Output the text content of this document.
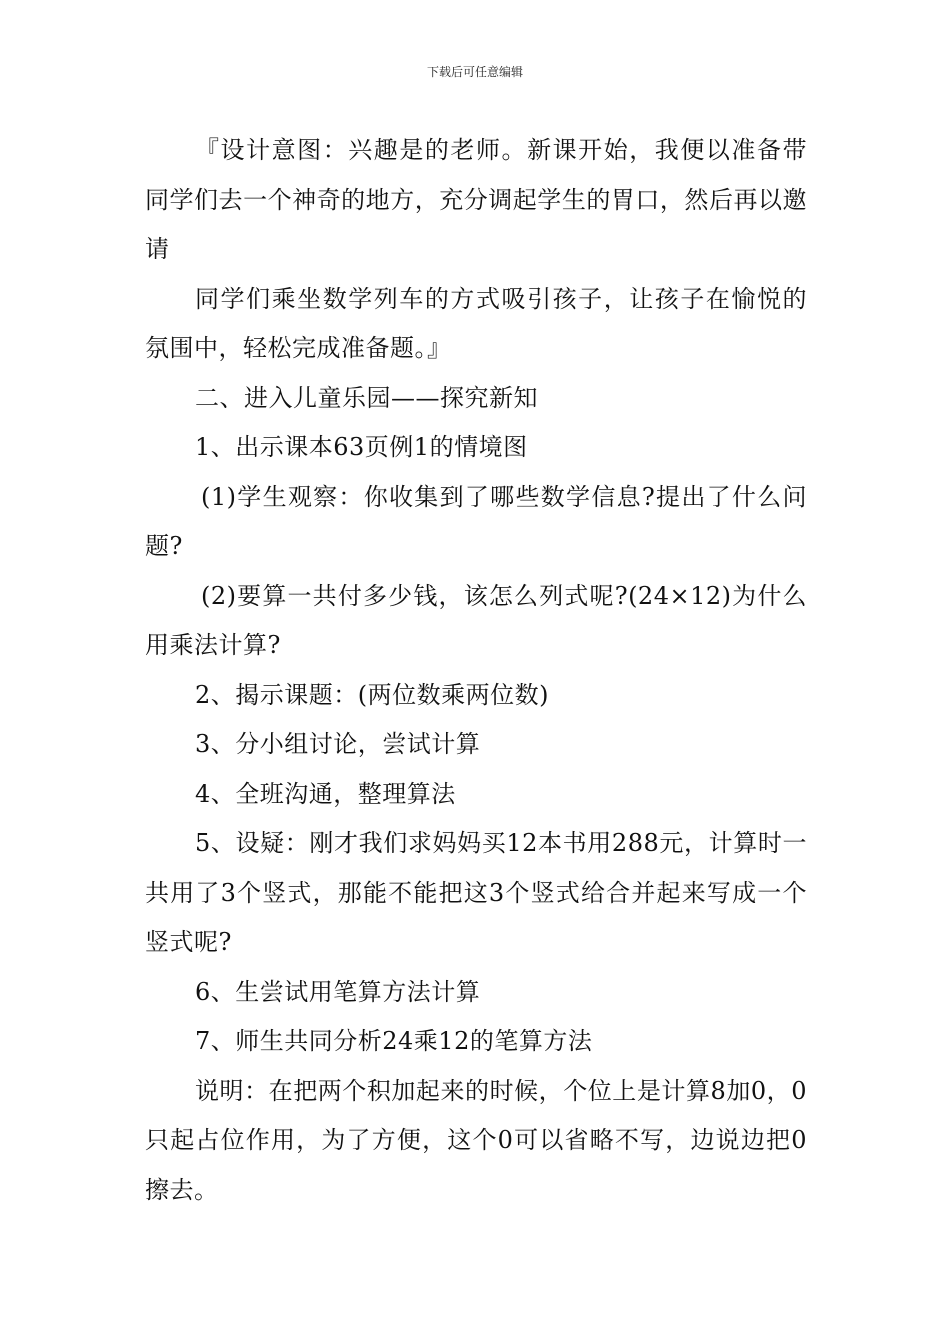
下载后可任意编辑

『设计意图：兴趣是的老师。新课开始，我便以准备带同学们去一个神奇的地方，充分调起学生的胃口，然后再以邀请

同学们乘坐数学列车的方式吸引孩子，让孩子在愉悦的氛围中，轻松完成准备题。』

二、进入儿童乐园——探究新知

1、出示课本63页例1的情境图

(1)学生观察：你收集到了哪些数学信息?提出了什么问题?

(2)要算一共付多少钱，该怎么列式呢?(24×12)为什么用乘法计算?

2、揭示课题：(两位数乘两位数)

3、分小组讨论，尝试计算

4、全班沟通，整理算法

5、设疑：刚才我们求妈妈买12本书用288元，计算时一共用了3个竖式，那能不能把这3个竖式给合并起来写成一个竖式呢?

6、生尝试用笔算方法计算

7、师生共同分析24乘12的笔算方法

说明：在把两个积加起来的时候，个位上是计算8加0，0只起占位作用，为了方便，这个0可以省略不写，边说边把0擦去。
